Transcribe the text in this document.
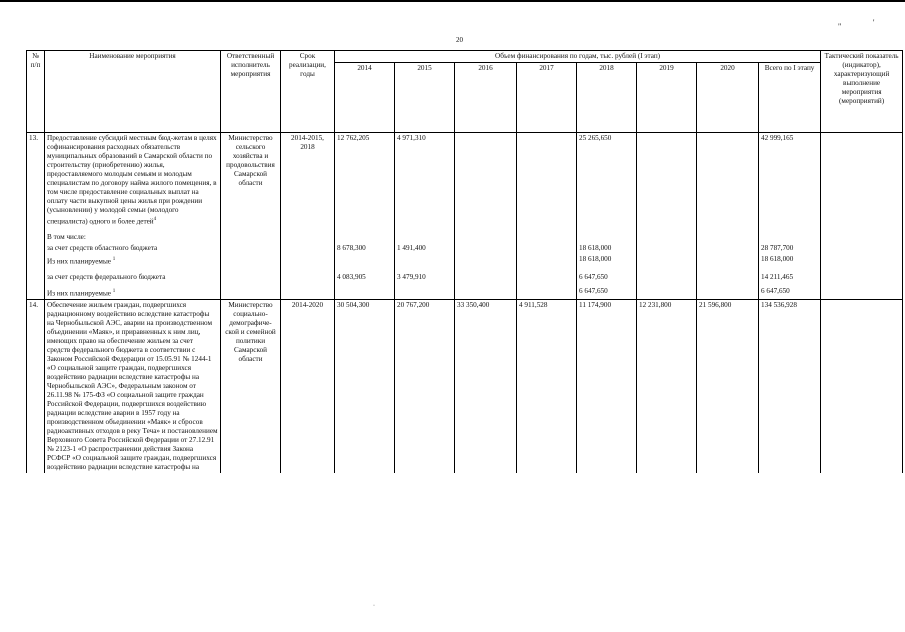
20
"	'
№
п/п	Наименование мероприятия	Ответственный исполнитель мероприятия	Срок реализации, годы	Объем финансирования по годам, тыс. рублей (I этап)								Тактический показатель (индикатор), характеризующий выполнение мероприятия (мероприятий)
				2014	2015	2016	2017	2018	2019	2020	Всего по I этапу	
13.	Предоставление субсидий местным бюд-жетам в целях софинансирования расходных обязательств муниципальных образований в Самарской области по строительству (приобретению) жилья, предоставляемого молодым семьям и молодым специалистам по договору найма жилого помещения, в том числе предоставление социальных выплат на оплату части выкупной цены жилья при рождении (усыновлении) у молодой семьи (молодого специалиста) одного и более детей$^4$	Министерство сельского хозяйства и продовольствия Самарской области	2014-2015, 2018	12 762,205	4 971,310			25 265,650			42 999,165	
	В том числе:											
	за счет средств областного бюджета			8 678,300	1 491,400			18 618,000			28 787,700	
	Из них планируемые $^1$							18 618,000			18 618,000	
	за счет средств федерального бюджета			4 083,905	3 479,910			6 647,650			14 211,465	
	Из них планируемые $^1$							6 647,650			6 647,650	
14.	Обеспечение жильем граждан, подвергшихся радиационному воздействию вследствие катастрофы на Чернобыльской АЭС, аварии на производственном объединении «Маяк», и приравненных к ним лиц, имеющих право на обеспечение жильем за счет средств федерального бюджета в соответствии с Законом Российской Федерации от 15.05.91 № 1244-1 «О социальной защите граждан, подвергшихся воздействию радиации вследствие катастрофы на Чернобыльской АЭС», Федеральным законом от 26.11.98 № 175-ФЗ «О социальной защите граждан Российской Федерации, подвергшихся воздействию радиации вследствие аварии в 1957 году на производственном объединении «Маяк» и сбросов радиоактивных отходов в реку Теча» и постановлением Верховного Совета Российской Федерации от 27.12.91 № 2123-1 «О распространении действия Закона РСФСР «О социальной защите граждан, подвергшихся воздействию радиации вследствие катастрофы на	Министерство социально-демографиче-ской и семейной политики Самарской области	2014-2020	30 504,300	20 767,200	33 350,400	4 911,528	11 174,900	12 231,800	21 596,800	134 536,928	
·
